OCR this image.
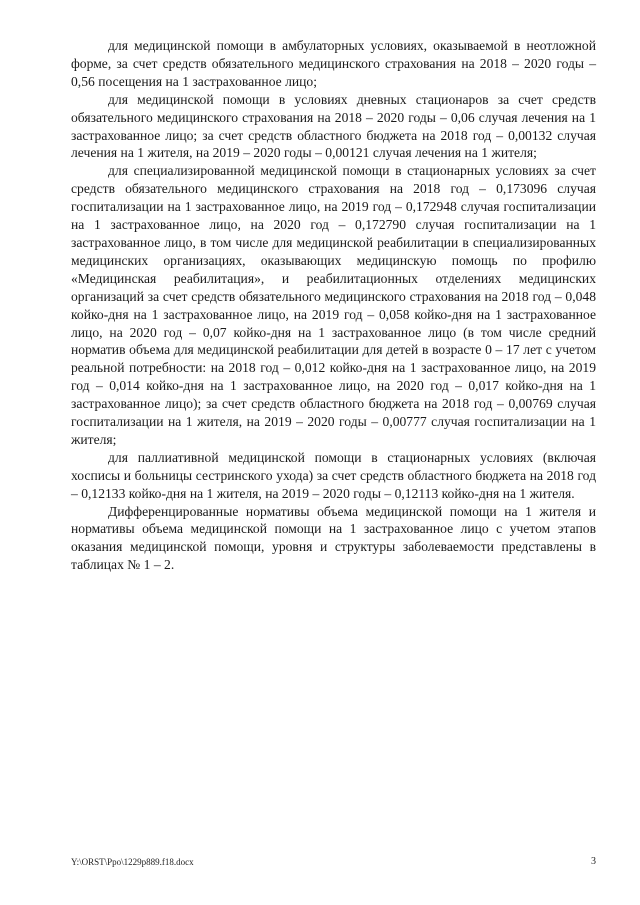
для медицинской помощи в амбулаторных условиях, оказываемой в неотложной форме, за счет средств обязательного медицинского страхования на 2018 – 2020 годы – 0,56 посещения на 1 застрахованное лицо;

для медицинской помощи в условиях дневных стационаров за счет средств обязательного медицинского страхования на 2018 – 2020 годы – 0,06 случая лечения на 1 застрахованное лицо; за счет средств областного бюджета на 2018 год – 0,00132 случая лечения на 1 жителя, на 2019 – 2020 годы – 0,00121 случая лечения на 1 жителя;

для специализированной медицинской помощи в стационарных условиях за счет средств обязательного медицинского страхования на 2018 год – 0,173096 случая госпитализации на 1 застрахованное лицо, на 2019 год – 0,172948 случая госпитализации на 1 застрахованное лицо, на 2020 год – 0,172790 случая госпитализации на 1 застрахованное лицо, в том числе для медицинской реабилитации в специализированных медицинских организациях, оказывающих медицинскую помощь по профилю «Медицинская реабилитация», и реабилитационных отделениях медицинских организаций за счет средств обязательного медицинского страхования на 2018 год – 0,048 койко-дня на 1 застрахованное лицо, на 2019 год – 0,058 койко-дня на 1 застрахованное лицо, на 2020 год – 0,07 койко-дня на 1 застрахованное лицо (в том числе средний норматив объема для медицинской реабилитации для детей в возрасте 0 – 17 лет с учетом реальной потребности: на 2018 год – 0,012 койко-дня на 1 застрахованное лицо, на 2019 год – 0,014 койко-дня на 1 застрахованное лицо, на 2020 год – 0,017 койко-дня на 1 застрахованное лицо); за счет средств областного бюджета на 2018 год – 0,00769 случая госпитализации на 1 жителя, на 2019 – 2020 годы – 0,00777 случая госпитализации на 1 жителя;

для паллиативной медицинской помощи в стационарных условиях (включая хосписы и больницы сестринского ухода) за счет средств областного бюджета на 2018 год – 0,12133 койко-дня на 1 жителя, на 2019 – 2020 годы – 0,12113 койко-дня на 1 жителя.

Дифференцированные нормативы объема медицинской помощи на 1 жителя и нормативы объема медицинской помощи на 1 застрахованное лицо с учетом этапов оказания медицинской помощи, уровня и структуры заболеваемости представлены в таблицах № 1 – 2.

Y:\ORST\Ppo\1229p889.f18.docx	3
